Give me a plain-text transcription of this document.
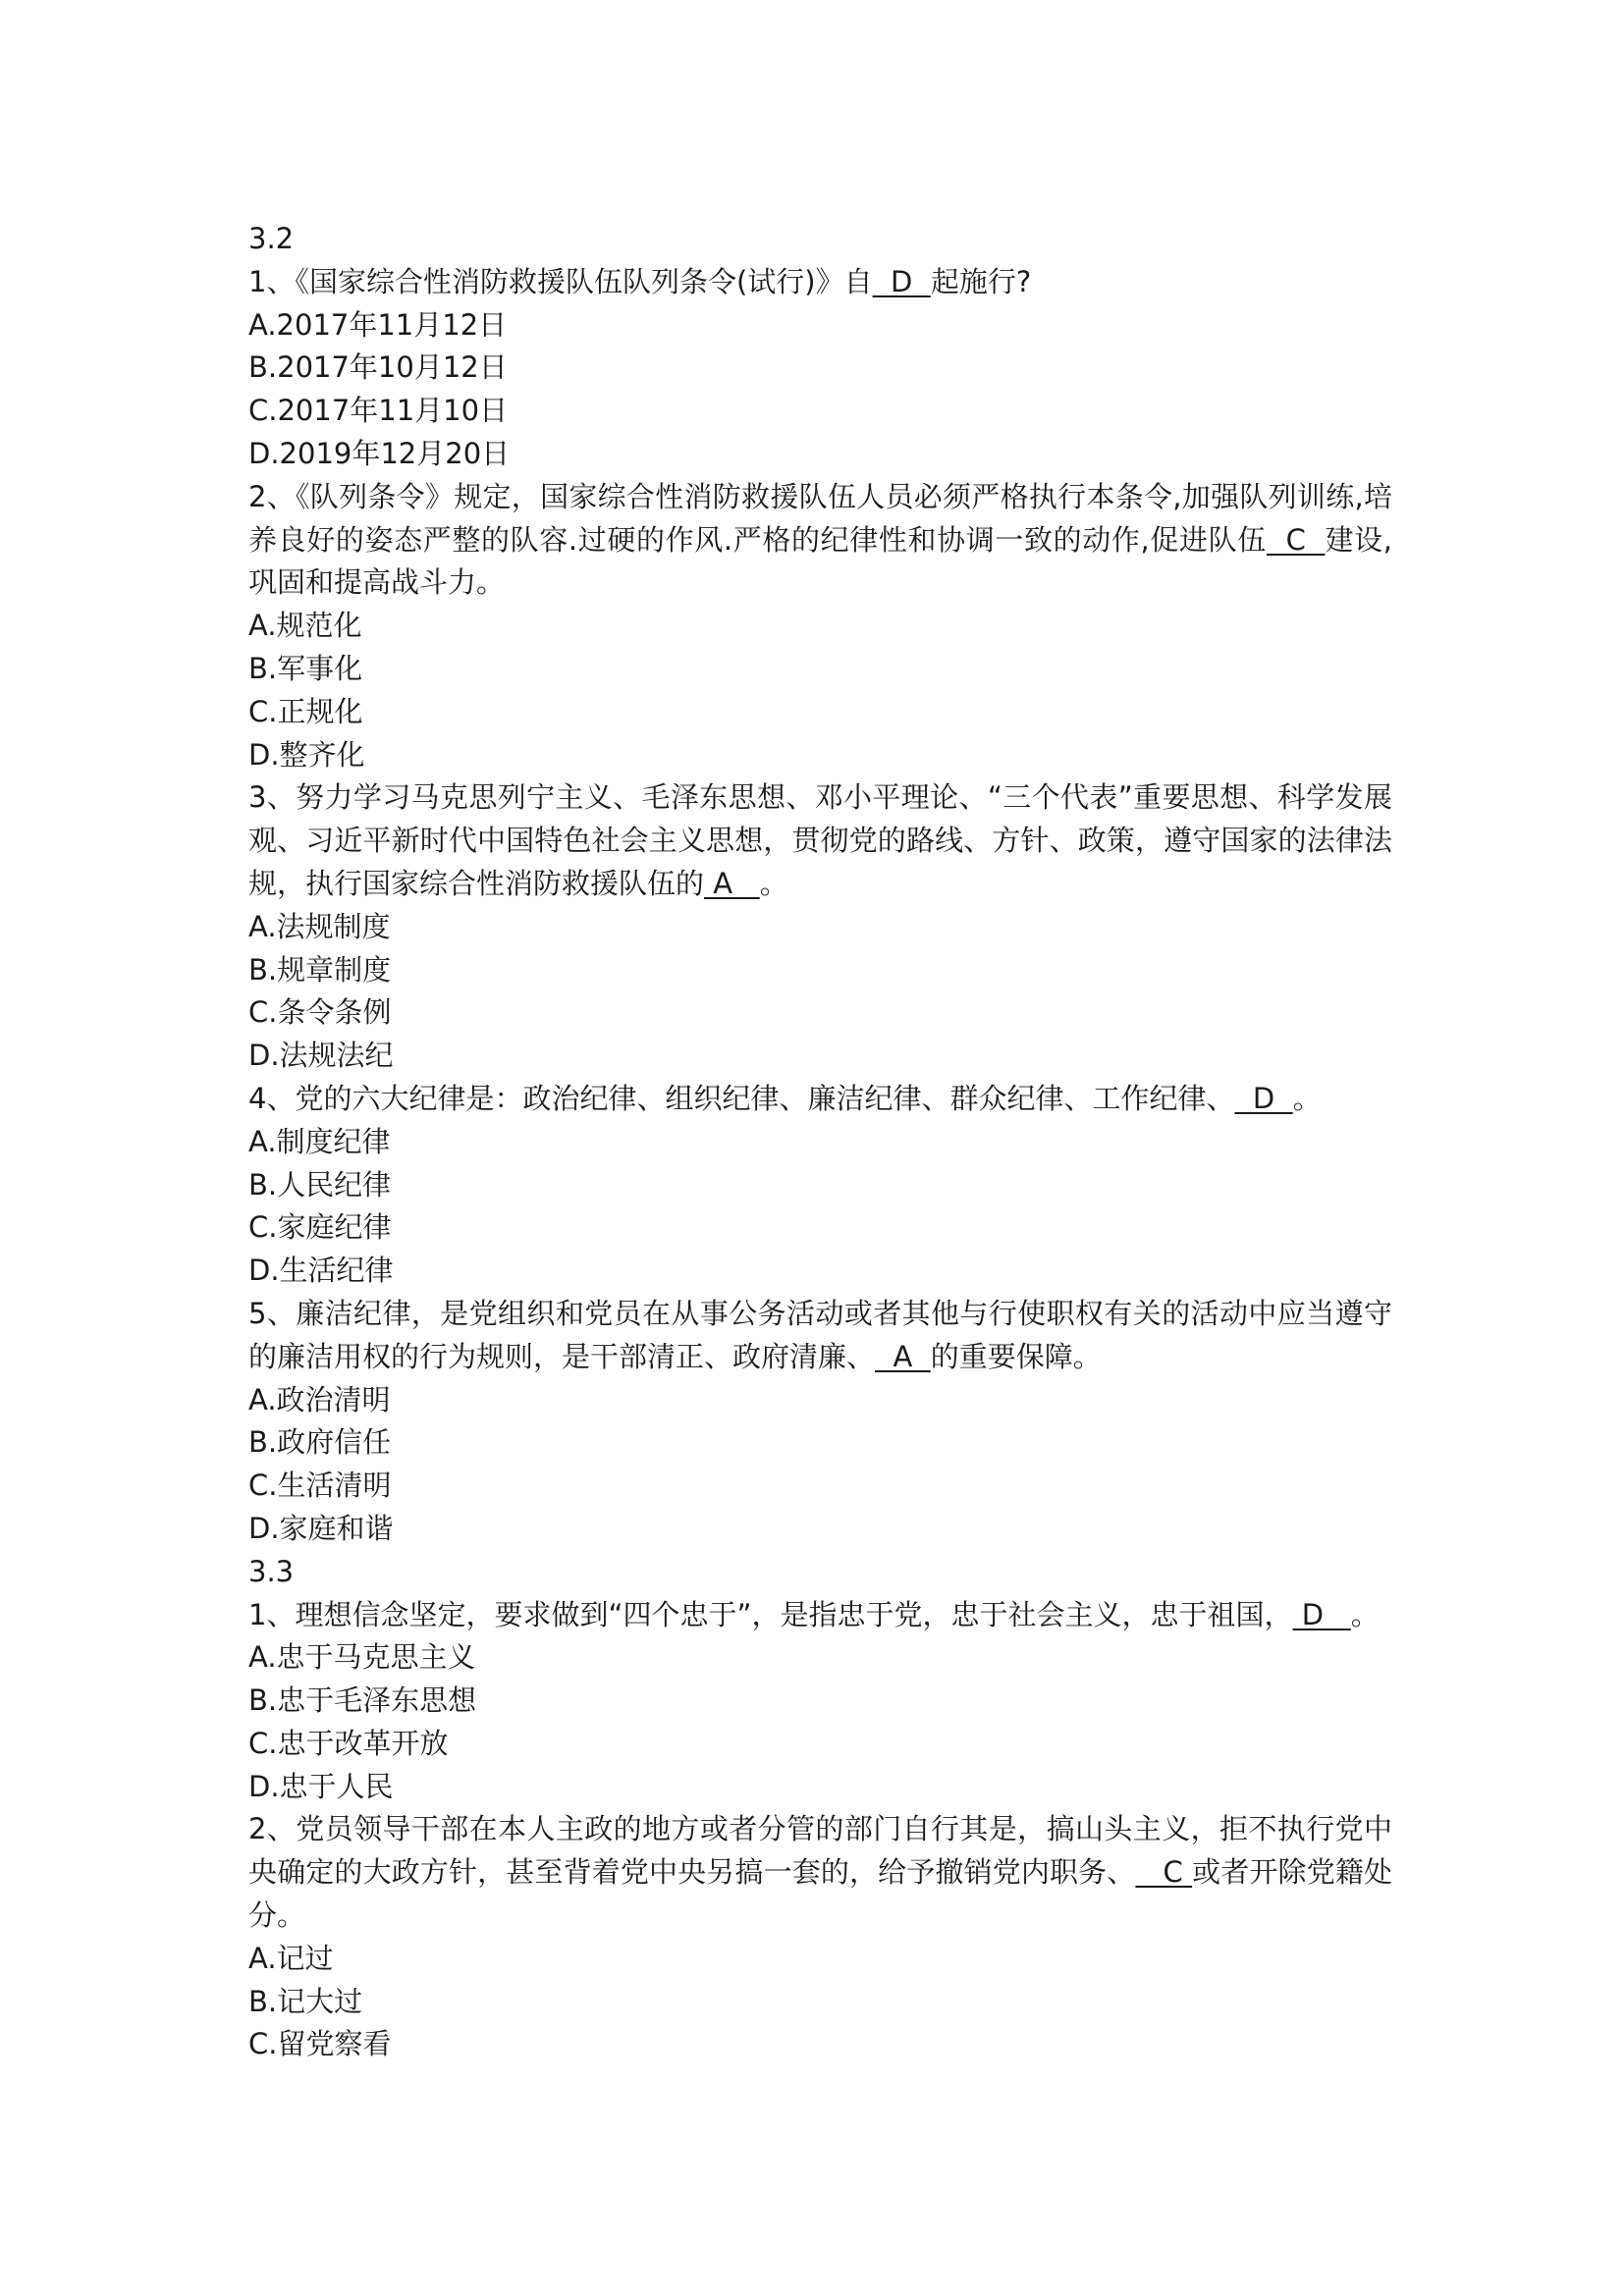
3.2
1、《国家综合性消防救援队伍队列条令(试行)》自  D  起施行?
A.2017年11月12日
B.2017年10月12日
C.2017年11月10日
D.2019年12月20日
2、《队列条令》规定，国家综合性消防救援队伍人员必须严格执行本条令,加强队列训练,培养良好的姿态严整的队容.过硬的作风.严格的纪律性和协调一致的动作,促进队伍  C  建设,巩固和提高战斗力。
A.规范化
B.军事化
C.正规化
D.整齐化
3、努力学习马克思列宁主义、毛泽东思想、邓小平理论、“三个代表”重要思想、科学发展观、习近平新时代中国特色社会主义思想，贯彻党的路线、方针、政策，遵守国家的法律法规，执行国家综合性消防救援队伍的 A   。
A.法规制度
B.规章制度
C.条令条例
D.法规法纪
4、党的六大纪律是：政治纪律、组织纪律、廉洁纪律、群众纪律、工作纪律、  D  。
A.制度纪律
B.人民纪律
C.家庭纪律
D.生活纪律
5、廉洁纪律，是党组织和党员在从事公务活动或者其他与行使职权有关的活动中应当遵守的廉洁用权的行为规则，是干部清正、政府清廉、  A  的重要保障。
A.政治清明
B.政府信任
C.生活清明
D.家庭和谐
3.3
1、理想信念坚定，要求做到“四个忠于”，是指忠于党，忠于社会主义，忠于祖国， D   。
A.忠于马克思主义
B.忠于毛泽东思想
C.忠于改革开放
D.忠于人民
2、党员领导干部在本人主政的地方或者分管的部门自行其是，搞山头主义，拒不执行党中央确定的大政方针，甚至背着党中央另搞一套的，给予撤销党内职务、   C 或者开除党籍处分。
A.记过
B.记大过
C.留党察看
